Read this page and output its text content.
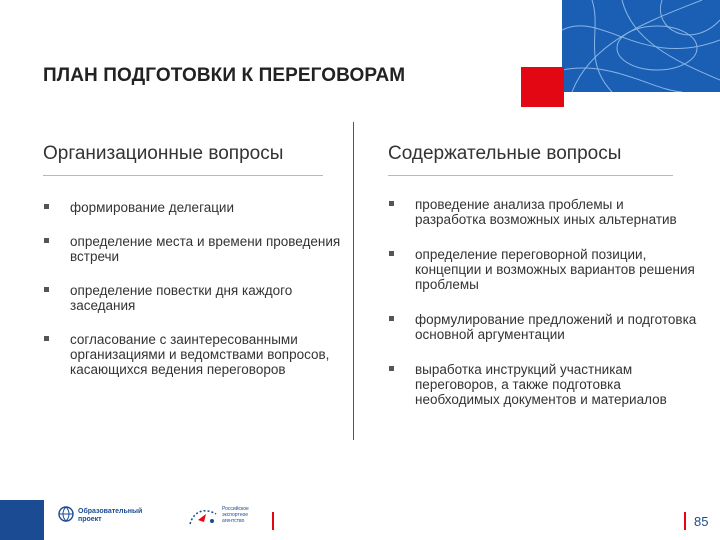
ПЛАН ПОДГОТОВКИ К ПЕРЕГОВОРАМ
Организационные вопросы	Содержательные вопросы
формирование делегации
определение места и времени проведения встречи
определение повестки дня каждого заседания
согласование с заинтересованными организациями и ведомствами вопросов, касающихся ведения переговоров
проведение анализа проблемы и разработка возможных иных альтернатив
определение переговорной позиции, концепции и возможных вариантов решения проблемы
формулирование предложений и подготовка основной аргументации
выработка инструкций участникам переговоров, а также подготовка необходимых документов и материалов
Образовательный проект
Российское экспортное агентство	85
